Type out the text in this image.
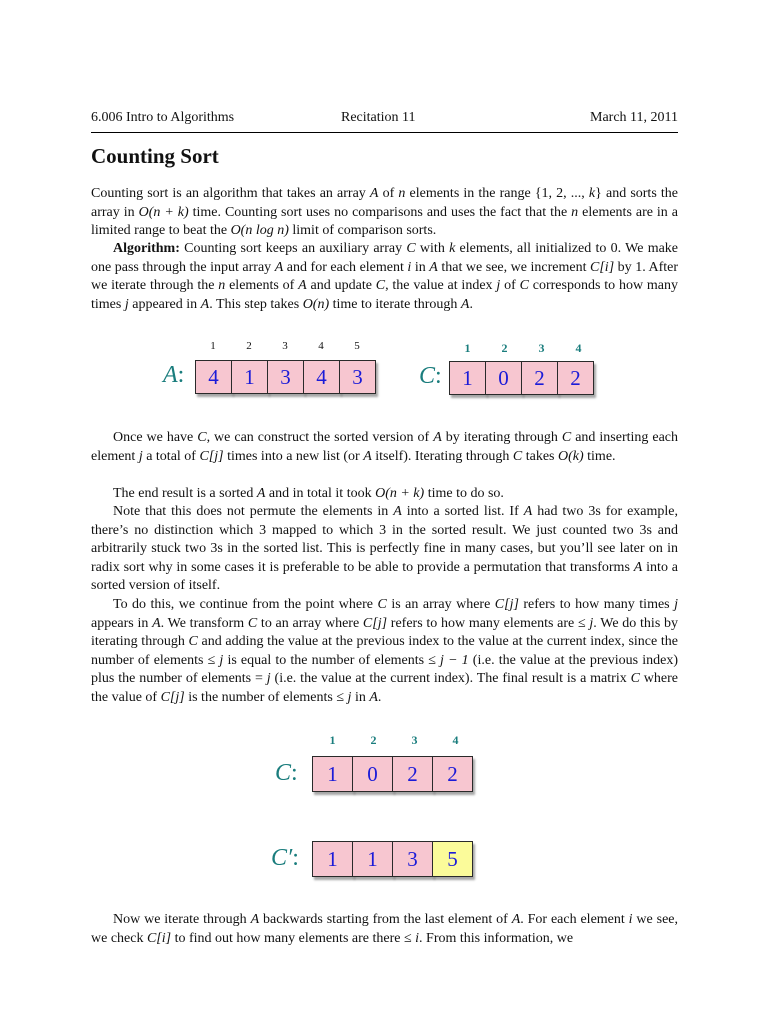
6.006 Intro to Algorithms	Recitation 11	March 11, 2011
Counting Sort

Counting sort is an algorithm that takes an array A of n elements in the range {1, 2, ..., k} and sorts the array in O(n + k) time. Counting sort uses no comparisons and uses the fact that the n elements are in a limited range to beat the O(n log n) limit of comparison sorts.

Algorithm: Counting sort keeps an auxiliary array C with k elements, all initialized to 0. We make one pass through the input array A and for each element i in A that we see, we increment C[i] by 1. After we iterate through the n elements of A and update C, the value at index j of C corresponds to how many times j appeared in A. This step takes O(n) time to iterate through A.

1	2	3	4	5
A:	4	1	3	4	3
1	2	3	4
C: 1	0	2	2

Once we have C, we can construct the sorted version of A by iterating through C and inserting each element j a total of C[j] times into a new list (or A itself). Iterating through C takes O(k) time.

The end result is a sorted A and in total it took O(n + k) time to do so.

Note that this does not permute the elements in A into a sorted list. If A had two 3s for example, there’s no distinction which 3 mapped to which 3 in the sorted result. We just counted two 3s and arbitrarily stuck two 3s in the sorted list. This is perfectly fine in many cases, but you’ll see later on in radix sort why in some cases it is preferable to be able to provide a permutation that transforms A into a sorted version of itself.

To do this, we continue from the point where C is an array where C[j] refers to how many times j appears in A. We transform C to an array where C[j] refers to how many elements are ≤ j. We do this by iterating through C and adding the value at the previous index to the value at the current index, since the number of elements ≤ j is equal to the number of elements ≤ j − 1 (i.e. the value at the previous index) plus the number of elements = j (i.e. the value at the current index). The final result is a matrix C where the value of C[j] is the number of elements ≤ j in A.

1	2	3	4
C:	1	0	2	2
C′:	1	1	3	5

Now we iterate through A backwards starting from the last element of A. For each element i we see, we check C[i] to find out how many elements are there ≤ i. From this information, we
